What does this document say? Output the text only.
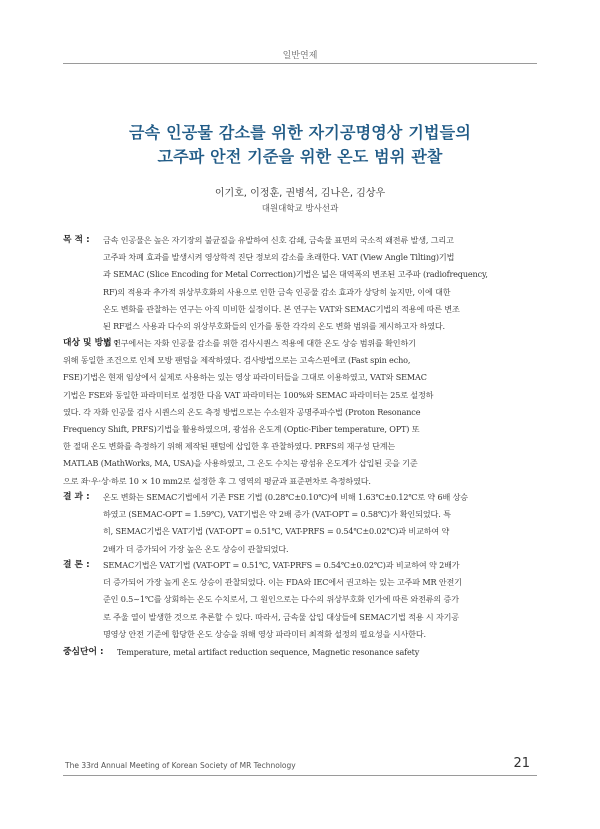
일반연제
금속 인공물 감소를 위한 자기공명영상 기법들의
고주파 안전 기준을 위한 온도 범위 관찰
이기호, 이정훈, 권병석, 김나은, 김상우
대원대학교 방사선과
목 적 :	금속 인공물은 높은 자기장의 불균질을 유발하여 신호 감쇄, 금속물 표면의 국소적 왜전류 발생, 그리고
고주파 차폐 효과를 발생시켜 영상학적 진단 정보의 감소를 초래한다. VAT (View Angle Tilting)기법
과 SEMAC (Slice Encoding for Metal Correction)기법은 넓은 대역폭의 변조된 고주파 (radiofrequency,
RF)의 적용과 추가적 위상부호화의 사용으로 인한 금속 인공물 감소 효과가 상당히 높지만, 이에 대한
온도 변화를 관찰하는 연구는 아직 미비한 실정이다. 본 연구는 VAT와 SEMAC기법의 적용에 따른 변조
된 RF펄스 사용과 다수의 위상부호화들의 인가를 통한 각각의 온도 변화 범위를 제시하고자 하였다.
대상 및 방법 :
본 연구에서는 자화 인공물 감소를 위한 검사시퀀스 적용에 대한 온도 상승 범위를 확인하기
위해 동일한 조건으로 인체 모방 팬텀을 제작하였다. 검사방법으로는 고속스핀에코 (Fast spin echo,
FSE)기법은 현재 임상에서 실제로 사용하는 있는 영상 파라미터들을 그대로 이용하였고, VAT와 SEMAC
기법은 FSE와 동일한 파라미터로 설정한 다음 VAT 파라미터는 100%와 SEMAC 파라미터는 25로 설정하
였다. 각 자화 인공물 검사 시퀀스의 온도 측정 방법으로는 수소원자 공명주파수법 (Proton Resonance
Frequency Shift, PRFS)기법을 활용하였으며, 광섬유 온도계 (Optic-Fiber temperature, OPT) 또
한 절대 온도 변화를 측정하기 위해 제작된 팬텀에 삽입한 후 관찰하였다. PRFS의 재구성 단계는
MATLAB (MathWorks, MA, USA)을 사용하였고, 그 온도 수치는 광섬유 온도계가 삽입된 곳을 기준
으로 좌·우·상·하로 10 × 10 mm2로 설정한 후 그 영역의 평균과 표준편차로 측정하였다.
결 과 :	온도 변화는 SEMAC기법에서 기존 FSE 기법 (0.28℃±0.10℃)에 비해 1.63℃±0.12℃로 약 6배 상승
하였고 (SEMAC-OPT = 1.59℃), VAT기법은 약 2배 증가 (VAT-OPT = 0.58℃)가 확인되었다. 특
히, SEMAC기법은 VAT기법 (VAT-OPT = 0.51℃, VAT-PRFS = 0.54℃±0.02℃)과 비교하여 약
2배가 더 증가되어 가장 높은 온도 상승이 관찰되었다.
결 론 :	SEMAC기법은 VAT기법 (VAT-OPT = 0.51℃, VAT-PRFS = 0.54℃±0.02℃)과 비교하여 약 2배가
더 증가되어 가장 높게 온도 상승이 관찰되었다. 이는 FDA와 IEC에서 권고하는 있는 고주파 MR 안전기
준인 0.5~1℃를 상회하는 온도 수치로서, 그 원인으로는 다수의 위상부호화 인가에 따른 와전류의 증가
로 주울 열이 발생한 것으로 추론할 수 있다. 따라서, 금속물 삽입 대상들에 SEMAC기법 적용 시 자기공
명영상 안전 기준에 합당한 온도 상승을 위해 영상 파라미터 최적화 설정의 필요성을 시사한다.
중심단어 :	Temperature, metal artifact reduction sequence, Magnetic resonance safety
The 33rd Annual Meeting of Korean Society of MR Technology	21
